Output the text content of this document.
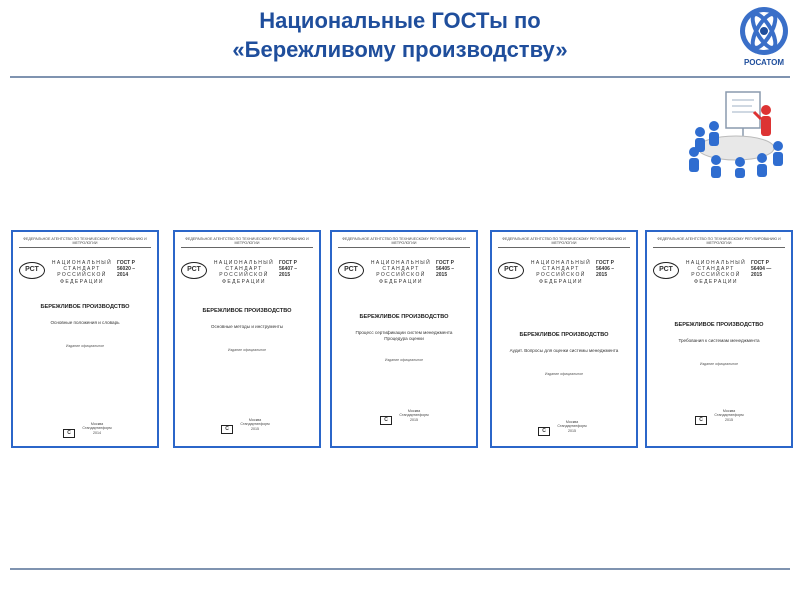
Национальные ГОСТы по
«Бережливому производству»
РОСАТОМ
ФЕДЕРАЛЬНОЕ АГЕНТСТВО ПО ТЕХНИЧЕСКОМУ РЕГУЛИРОВАНИЮ И МЕТРОЛОГИИ
РСТ
НАЦИОНАЛЬНЫЙ
СТАНДАРТ
РОССИЙСКОЙ
ФЕДЕРАЦИИ
ГОСТ Р
56020 –
2014
БЕРЕЖЛИВОЕ ПРОИЗВОДСТВО
Основные положения и словарь
Издание официальное
С
Москва
Стандартинформ
2014
ФЕДЕРАЛЬНОЕ АГЕНТСТВО ПО ТЕХНИЧЕСКОМУ РЕГУЛИРОВАНИЮ И МЕТРОЛОГИИ
РСТ
НАЦИОНАЛЬНЫЙ
СТАНДАРТ
РОССИЙСКОЙ
ФЕДЕРАЦИИ
ГОСТ Р
56407 –
2015
БЕРЕЖЛИВОЕ ПРОИЗВОДСТВО
Основные методы и инструменты
Издание официальное
С
Москва
Стандартинформ
2015
ФЕДЕРАЛЬНОЕ АГЕНТСТВО ПО ТЕХНИЧЕСКОМУ РЕГУЛИРОВАНИЮ И МЕТРОЛОГИИ
РСТ
НАЦИОНАЛЬНЫЙ
СТАНДАРТ
РОССИЙСКОЙ
ФЕДЕРАЦИИ
ГОСТ Р
56405 –
2015
БЕРЕЖЛИВОЕ ПРОИЗВОДСТВО
Процесс сертификации систем менеджмента
Процедура оценки
Издание официальное
С
Москва
Стандартинформ
2015
ФЕДЕРАЛЬНОЕ АГЕНТСТВО ПО ТЕХНИЧЕСКОМУ РЕГУЛИРОВАНИЮ И МЕТРОЛОГИИ
РСТ
НАЦИОНАЛЬНЫЙ
СТАНДАРТ
РОССИЙСКОЙ
ФЕДЕРАЦИИ
ГОСТ Р
56406 –
2015
БЕРЕЖЛИВОЕ ПРОИЗВОДСТВО
Аудит. Вопросы для оценки системы менеджмента
Издание официальное
С
Москва
Стандартинформ
2015
ФЕДЕРАЛЬНОЕ АГЕНТСТВО ПО ТЕХНИЧЕСКОМУ РЕГУЛИРОВАНИЮ И МЕТРОЛОГИИ
РСТ
НАЦИОНАЛЬНЫЙ
СТАНДАРТ
РОССИЙСКОЙ
ФЕДЕРАЦИИ
ГОСТ Р
56404 —
2015
БЕРЕЖЛИВОЕ ПРОИЗВОДСТВО
Требования к системам менеджмента
Издание официальное
С
Москва
Стандартинформ
2015
